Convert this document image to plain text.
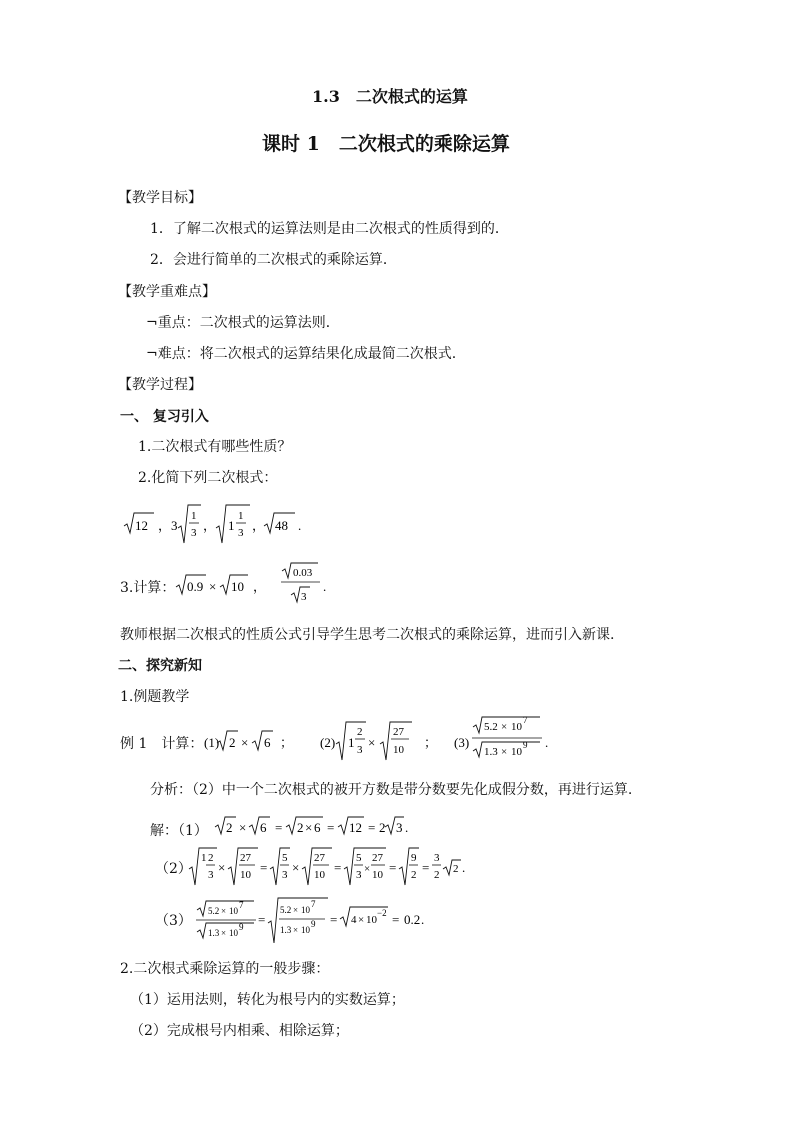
1.3　二次根式的运算
课时 1　二次根式的乘除运算
【教学目标】
1．了解二次根式的运算法则是由二次根式的性质得到的．
2．会进行简单的二次根式的乘除运算．
【教学重难点】
¬重点：二次根式的运算法则．
¬难点：将二次根式的运算结果化成最简二次根式.
【教学过程】
一、 复习引入
1.二次根式有哪些性质？
2.化简下列二次根式：
12 ， 3
1
3 ， 1
1
3 ， 48 .
3.计算： 0.9 × 10 ，
0.03
3
.
教师根据二次根式的性质公式引导学生思考二次根式的乘除运算，进而引入新课.
二、探究新知
1.例题教学
例 1　计算： (1) 2 × 6 ； (2) 1
2
3 ×
27
10 ； (3)
5.2 × 10
7
1.3 × 10
9 .
分析：（2）中一个二次根式的被开方数是带分数要先化成假分数，再进行运算.
解：（1） 2 × 6 = 2 × 6 = 12 = 2 3 .
（2）
1 2
3 ×
27
10 =
5
3 ×
27
10 =
5
3 ×
27
10 =
9
2 =
3
2 2 .
（3）
5.2 × 10
7
1.3 × 10
9 =
5.2 × 10
7
1.3 × 10
9 = 4 × 10
−2 = 0.2 .
2.二次根式乘除运算的一般步骤：
（1）运用法则，转化为根号内的实数运算；
（2）完成根号内相乘、相除运算；
